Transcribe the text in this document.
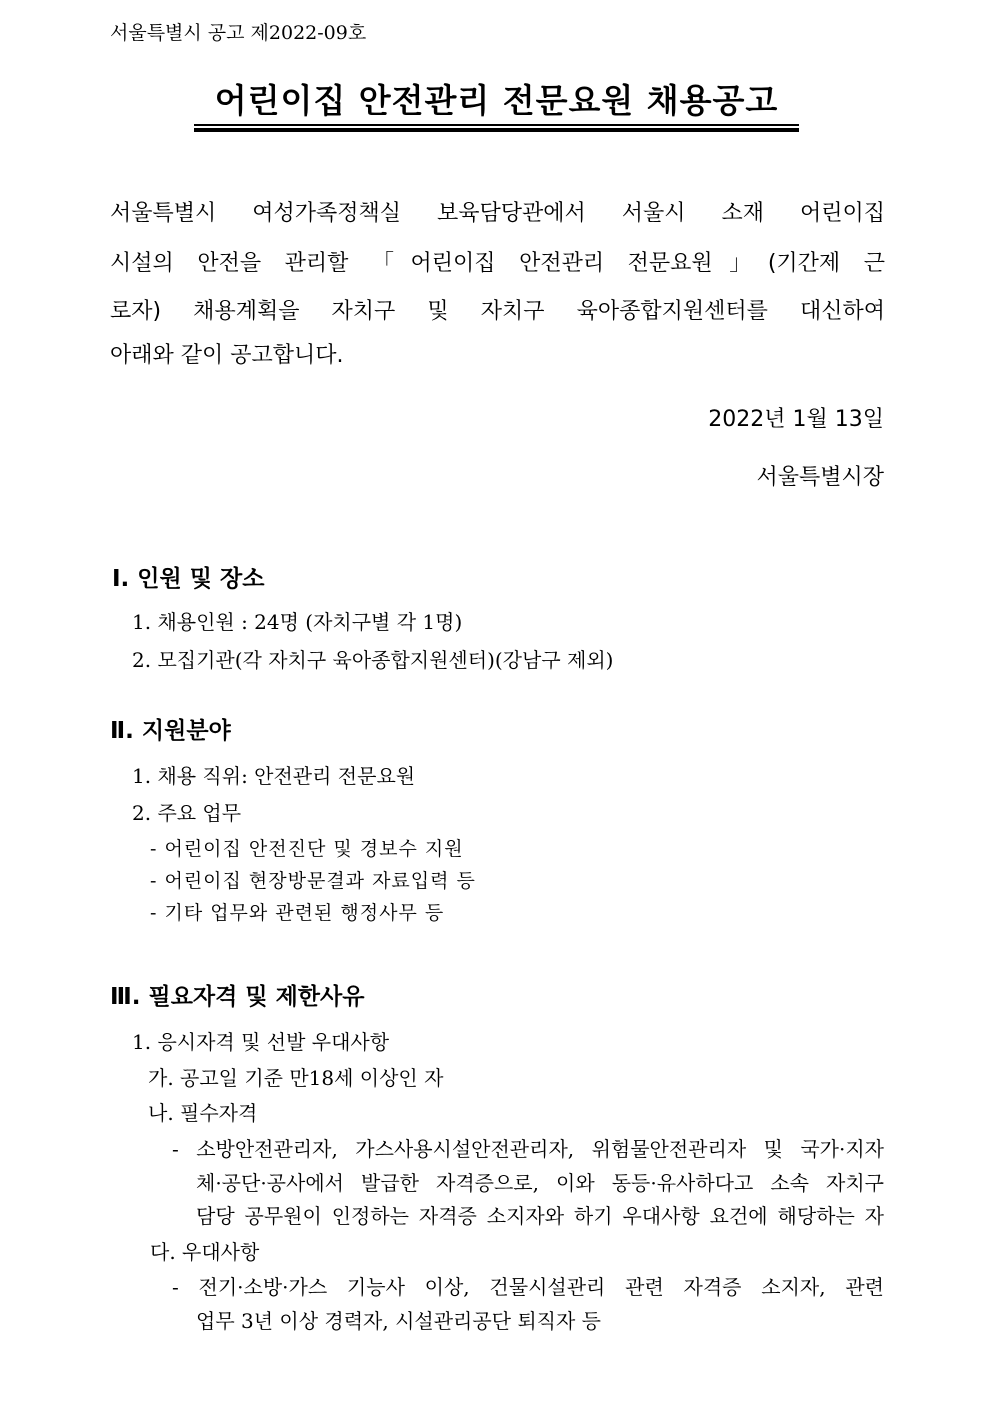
서울특별시 공고 제2022-09호
어린이집 안전관리 전문요원 채용공고
서울특별시 여성가족정책실 보육담당관에서 서울시 소재 어린이집
시설의 안전을 관리할 「어린이집 안전관리 전문요원」(기간제 근
로자) 채용계획을 자치구 및 자치구 육아종합지원센터를 대신하여
아래와 같이 공고합니다.
2022년 1월 13일
서울특별시장
Ⅰ. 인원 및 장소
1. 채용인원 : 24명 (자치구별 각 1명)
2. 모집기관(각 자치구 육아종합지원센터)(강남구 제외)
Ⅱ. 지원분야
1. 채용 직위: 안전관리 전문요원
2. 주요 업무
- 어린이집 안전진단 및 경보수 지원
- 어린이집 현장방문결과 자료입력 등
- 기타 업무와 관련된 행정사무 등
Ⅲ. 필요자격 및 제한사유
1. 응시자격 및 선발 우대사항
가. 공고일 기준 만18세 이상인 자
나. 필수자격
- 소방안전관리자, 가스사용시설안전관리자, 위험물안전관리자 및 국가·지자
체·공단·공사에서 발급한 자격증으로, 이와 동등·유사하다고 소속 자치구
담당 공무원이 인정하는 자격증 소지자와 하기 우대사항 요건에 해당하는 자
다. 우대사항
- 전기·소방·가스 기능사 이상, 건물시설관리 관련 자격증 소지자, 관련
업무 3년 이상 경력자, 시설관리공단 퇴직자 등
